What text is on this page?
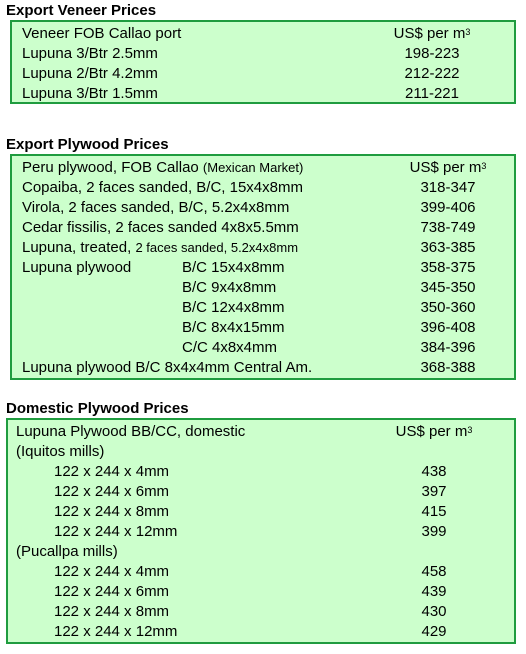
Export Veneer Prices
Veneer FOB Callao port	US$ per $m^3$
Lupuna 3/Btr 2.5mm	198-223
Lupuna 2/Btr 4.2mm	212-222
Lupuna 3/Btr 1.5mm	211-221
Export Plywood Prices
Peru plywood, FOB Callao (Mexican Market)	US$ per $m^3$
Copaiba, 2 faces sanded, B/C, 15x4x8mm	318-347
Virola, 2 faces sanded, B/C, 5.2x4x8mm	399-406
Cedar fissilis, 2 faces sanded 4x8x5.5mm	738-749
Lupuna, treated, 2 faces sanded, 5.2x4x8mm	363-385
Lupuna plywood	B/C 15x4x8mm	358-375
B/C 9x4x8mm	345-350
B/C 12x4x8mm	350-360
B/C 8x4x15mm	396-408
C/C 4x8x4mm	384-396
Lupuna plywood B/C 8x4x4mm Central Am.	368-388
Domestic Plywood Prices
Lupuna Plywood BB/CC, domestic	US$ per $m^3$
(Iquitos mills)
122 x 244 x 4mm	438
122 x 244 x 6mm	397
122 x 244 x 8mm	415
122 x 244 x 12mm	399
(Pucallpa mills)
122 x 244 x 4mm	458
122 x 244 x 6mm	439
122 x 244 x 8mm	430
122 x 244 x 12mm	429
